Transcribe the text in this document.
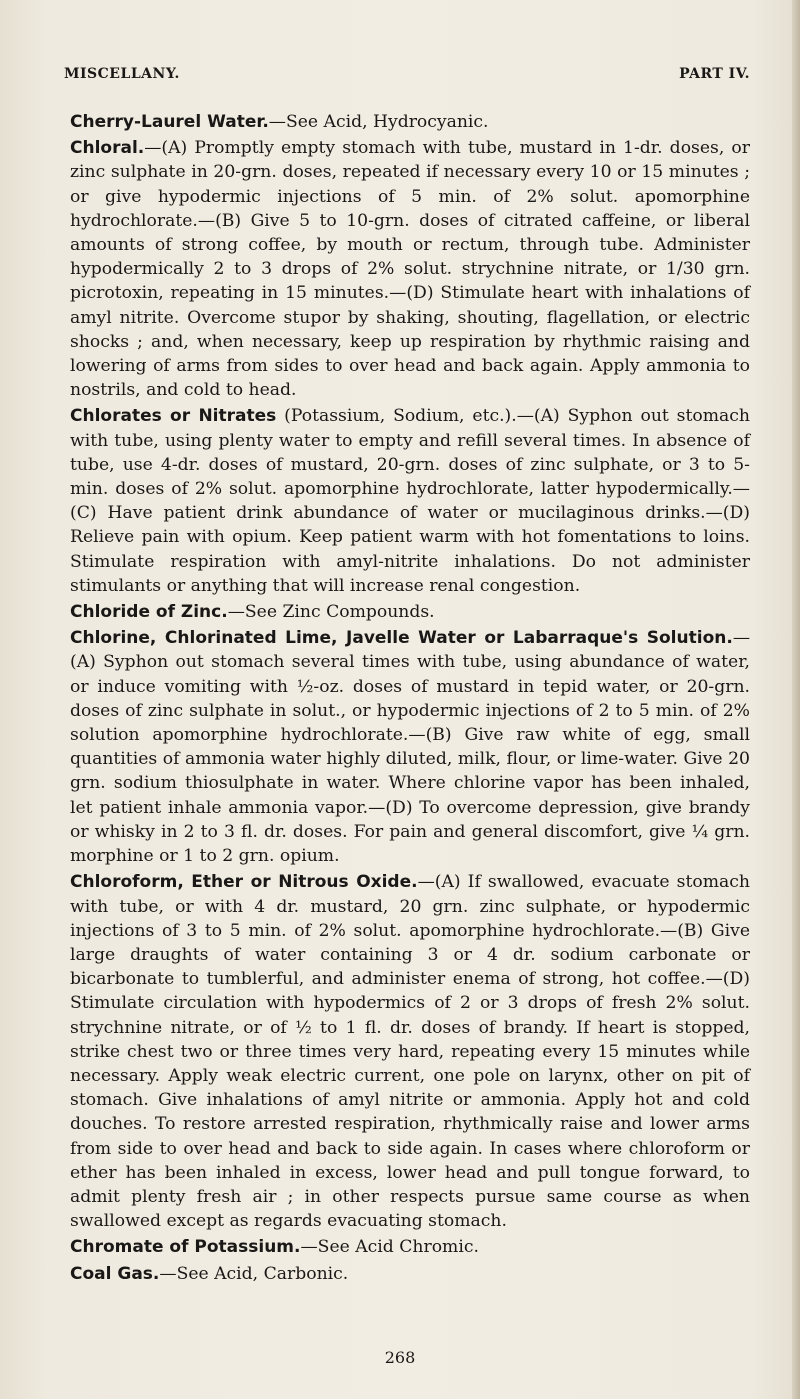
MISCELLANY.	PART IV.

Cherry-Laurel Water.—See Acid, Hydrocyanic.

Chloral.—(A) Promptly empty stomach with tube, mustard in 1-dr. doses, or zinc sulphate in 20-grn. doses, repeated if necessary every 10 or 15 minutes ; or give hypodermic injections of 5 min. of 2% solut. apomorphine hydrochlorate.—(B) Give 5 to 10-grn. doses of citrated caffeine, or liberal amounts of strong coffee, by mouth or rectum, through tube. Administer hypodermically 2 to 3 drops of 2% solut. strychnine nitrate, or 1/30 grn. picrotoxin, repeating in 15 minutes.—(D) Stimulate heart with inhalations of amyl nitrite. Overcome stupor by shaking, shouting, flagellation, or electric shocks ; and, when necessary, keep up respiration by rhythmic raising and lowering of arms from sides to over head and back again. Apply ammonia to nostrils, and cold to head.

Chlorates or Nitrates (Potassium, Sodium, etc.).—(A) Syphon out stomach with tube, using plenty water to empty and refill several times. In absence of tube, use 4-dr. doses of mustard, 20-grn. doses of zinc sulphate, or 3 to 5-min. doses of 2% solut. apomorphine hydrochlorate, latter hypodermically.—(C) Have patient drink abundance of water or mucilaginous drinks.—(D) Relieve pain with opium. Keep patient warm with hot fomentations to loins. Stimulate respiration with amyl-nitrite inhalations. Do not administer stimulants or anything that will increase renal congestion.

Chloride of Zinc.—See Zinc Compounds.

Chlorine, Chlorinated Lime, Javelle Water or Labarraque's Solution.—(A) Syphon out stomach several times with tube, using abundance of water, or induce vomiting with ½-oz. doses of mustard in tepid water, or 20-grn. doses of zinc sulphate in solut., or hypodermic injections of 2 to 5 min. of 2% solution apomorphine hydrochlorate.—(B) Give raw white of egg, small quantities of ammonia water highly diluted, milk, flour, or lime-water. Give 20 grn. sodium thiosulphate in water. Where chlorine vapor has been inhaled, let patient inhale ammonia vapor.—(D) To overcome depression, give brandy or whisky in 2 to 3 fl. dr. doses. For pain and general discomfort, give ¼ grn. morphine or 1 to 2 grn. opium.

Chloroform, Ether or Nitrous Oxide.—(A) If swallowed, evacuate stomach with tube, or with 4 dr. mustard, 20 grn. zinc sulphate, or hypodermic injections of 3 to 5 min. of 2% solut. apomorphine hydrochlorate.—(B) Give large draughts of water containing 3 or 4 dr. sodium carbonate or bicarbonate to tumblerful, and administer enema of strong, hot coffee.—(D) Stimulate circulation with hypodermics of 2 or 3 drops of fresh 2% solut. strychnine nitrate, or of ½ to 1 fl. dr. doses of brandy. If heart is stopped, strike chest two or three times very hard, repeating every 15 minutes while necessary. Apply weak electric current, one pole on larynx, other on pit of stomach. Give inhalations of amyl nitrite or ammonia. Apply hot and cold douches. To restore arrested respiration, rhythmically raise and lower arms from side to over head and back to side again. In cases where chloroform or ether has been inhaled in excess, lower head and pull tongue forward, to admit plenty fresh air ; in other respects pursue same course as when swallowed except as regards evacuating stomach.

Chromate of Potassium.—See Acid Chromic.

Coal Gas.—See Acid, Carbonic.

268
